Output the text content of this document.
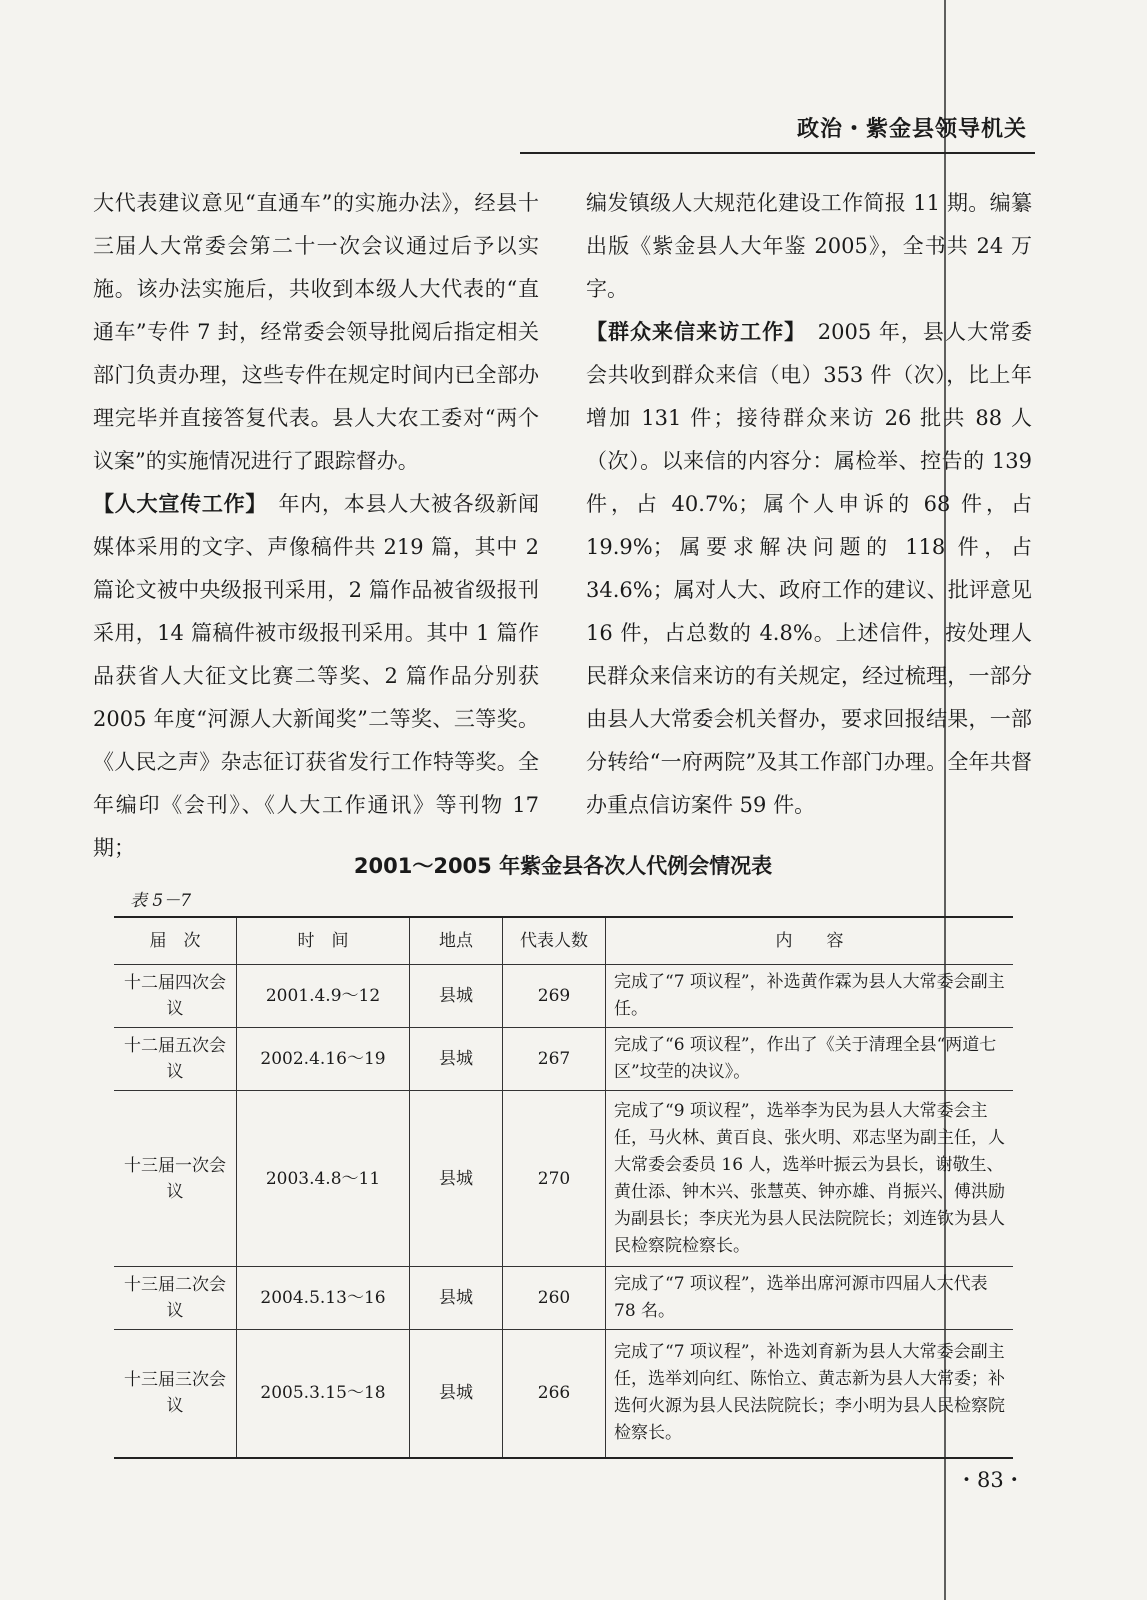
政治・紫金县领导机关

大代表建议意见“直通车”的实施办法》，经县十三届人大常委会第二十一次会议通过后予以实施。该办法实施后，共收到本级人大代表的“直通车”专件 7 封，经常委会领导批阅后指定相关部门负责办理，这些专件在规定时间内已全部办理完毕并直接答复代表。县人大农工委对“两个议案”的实施情况进行了跟踪督办。

【人大宣传工作】　年内，本县人大被各级新闻媒体采用的文字、声像稿件共 219 篇，其中 2 篇论文被中央级报刊采用，2 篇作品被省级报刊采用，14 篇稿件被市级报刊采用。其中 1 篇作品获省人大征文比赛二等奖、2 篇作品分别获 2005 年度“河源人大新闻奖”二等奖、三等奖。《人民之声》杂志征订获省发行工作特等奖。全年编印《会刊》、《人大工作通讯》等刊物 17 期；

编发镇级人大规范化建设工作简报 11 期。编纂出版《紫金县人大年鉴 2005》，全书共 24 万字。

【群众来信来访工作】　2005 年，县人大常委会共收到群众来信（电）353 件（次），比上年增加 131 件；接待群众来访 26 批共 88 人（次）。以来信的内容分：属检举、控告的 139 件，占 40.7%；属个人申诉的 68 件，占 19.9%；属要求解决问题的 118 件，占 34.6%；属对人大、政府工作的建议、批评意见 16 件，占总数的 4.8%。上述信件，按处理人民群众来信来访的有关规定，经过梳理，一部分由县人大常委会机关督办，要求回报结果，一部分转给“一府两院”及其工作部门办理。全年共督办重点信访案件 59 件。

2001～2005 年紫金县各次人代例会情况表
表 5－7
届　次	时　间	地点	代表人数	内　　容
十二届四次会议	2001.4.9～12	县城	269	完成了“7 项议程”，补选黄作霖为县人大常委会副主任。
十二届五次会议	2002.4.16～19	县城	267	完成了“6 项议程”，作出了《关于清理全县“两道七区”坟茔的决议》。
十三届一次会议	2003.4.8～11	县城	270	完成了“9 项议程”，选举李为民为县人大常委会主任，马火林、黄百良、张火明、邓志坚为副主任，人大常委会委员 16 人，选举叶振云为县长，谢敬生、黄仕添、钟木兴、张慧英、钟亦雄、肖振兴、傅洪励为副县长；李庆光为县人民法院院长；刘连钦为县人民检察院检察长。
十三届二次会议	2004.5.13～16	县城	260	完成了“7 项议程”，选举出席河源市四届人大代表 78 名。
十三届三次会议	2005.3.15～18	县城	266	完成了“7 项议程”，补选刘育新为县人大常委会副主任，选举刘向红、陈怡立、黄志新为县人大常委；补选何火源为县人民法院院长；李小明为县人民检察院检察长。
・83・
